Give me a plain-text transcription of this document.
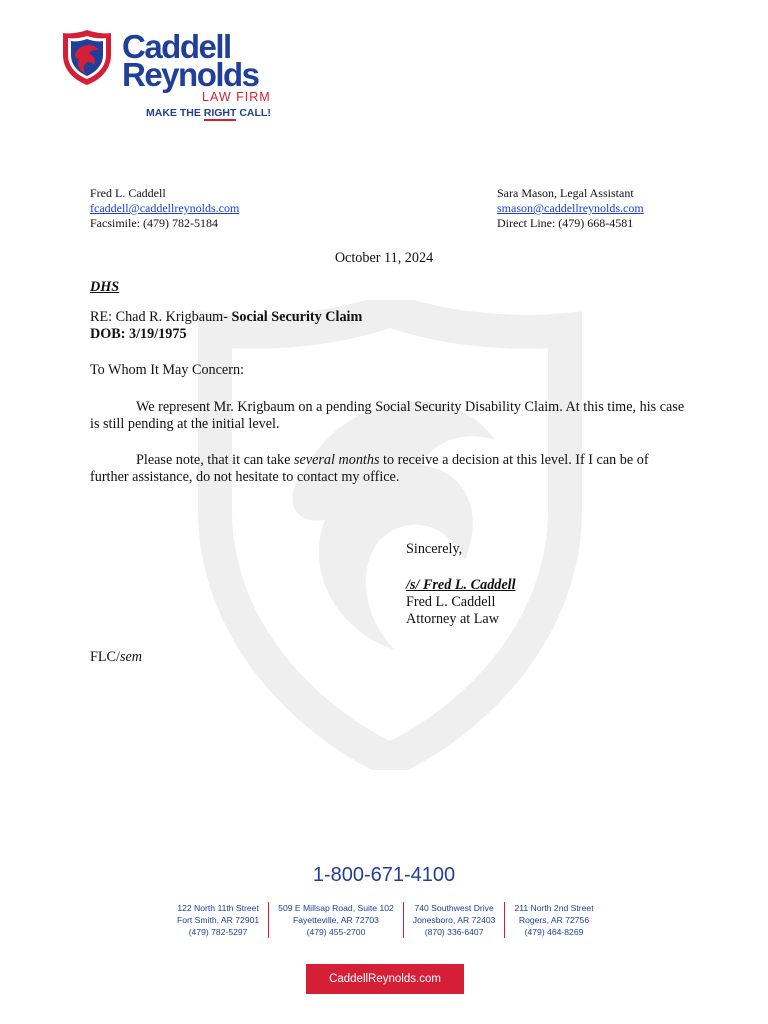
Caddell
Reynolds
LAW FIRM
MAKE THE RIGHT CALL!
Fred L. Caddell
fcaddell@caddellreynolds.com
Facsimile: (479) 782-5184
Sara Mason, Legal Assistant
smason@caddellreynolds.com
Direct Line: (479) 668-4581
October 11, 2024
DHS
RE: Chad R. Krigbaum- Social Security Claim
DOB: 3/19/1975
To Whom It May Concern:
We represent Mr. Krigbaum on a pending Social Security Disability Claim. At this time, his case is still pending at the initial level.
Please note, that it can take several months to receive a decision at this level. If I can be of further assistance, do not hesitate to contact my office.
Sincerely,
/s/ Fred L. Caddell
Fred L. Caddell
Attorney at Law
FLC/sem
1-800-671-4100
122 North 11th Street
Fort Smith, AR 72901
(479) 782-5297
509 E Millsap Road, Suite 102
Fayetteville, AR 72703
(479) 455-2700
740 Southwest Drive
Jonesboro, AR 72403
(870) 336-6407
211 North 2nd Street
Rogers, AR 72756
(479) 464-8269
CaddellReynolds.com
